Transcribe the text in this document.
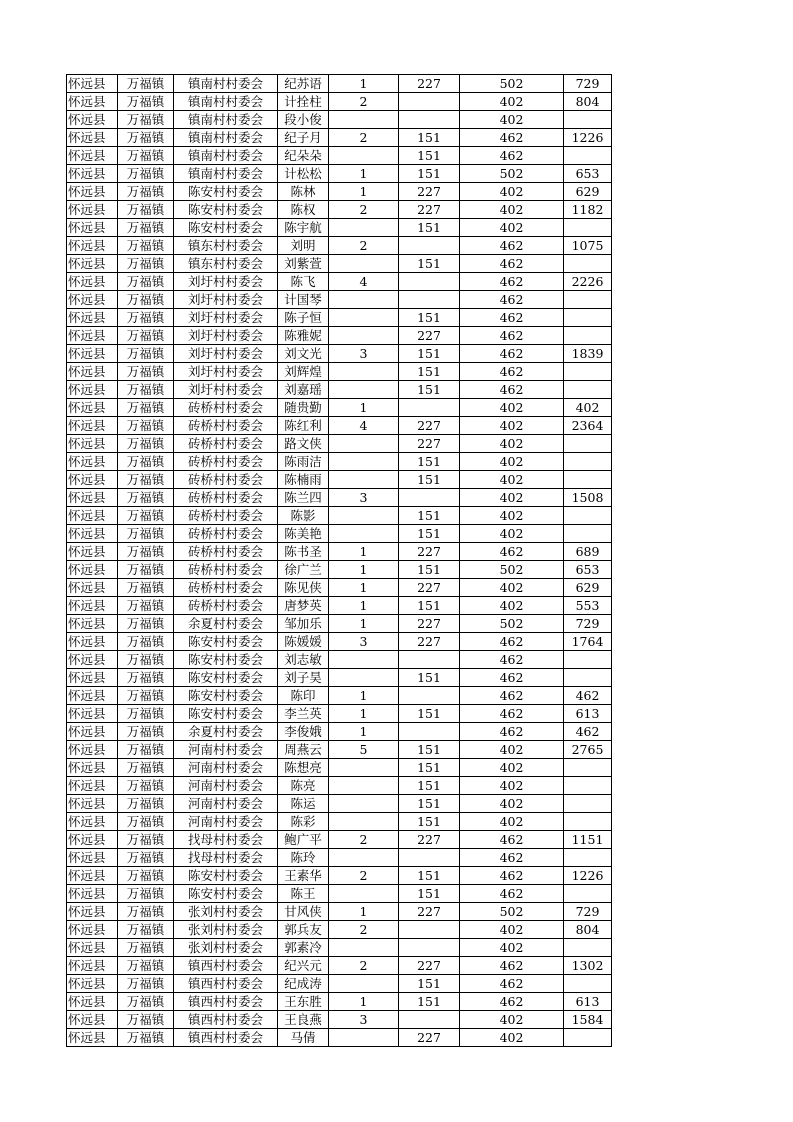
怀远县	万福镇	镇南村村委会	纪苏语	1	227	502	729
怀远县	万福镇	镇南村村委会	计拴柱	2		402	804
怀远县	万福镇	镇南村村委会	段小俊			402	
怀远县	万福镇	镇南村村委会	纪子月	2	151	462	1226
怀远县	万福镇	镇南村村委会	纪朵朵		151	462	
怀远县	万福镇	镇南村村委会	计松松	1	151	502	653
怀远县	万福镇	陈安村村委会	陈林	1	227	402	629
怀远县	万福镇	陈安村村委会	陈权	2	227	402	1182
怀远县	万福镇	陈安村村委会	陈宇航		151	402	
怀远县	万福镇	镇东村村委会	刘明	2		462	1075
怀远县	万福镇	镇东村村委会	刘紫萱		151	462	
怀远县	万福镇	刘圩村村委会	陈飞	4		462	2226
怀远县	万福镇	刘圩村村委会	计国琴			462	
怀远县	万福镇	刘圩村村委会	陈子恒		151	462	
怀远县	万福镇	刘圩村村委会	陈雅妮		227	462	
怀远县	万福镇	刘圩村村委会	刘文光	3	151	462	1839
怀远县	万福镇	刘圩村村委会	刘辉煌		151	462	
怀远县	万福镇	刘圩村村委会	刘嘉瑶		151	462	
怀远县	万福镇	砖桥村村委会	随贵勤	1		402	402
怀远县	万福镇	砖桥村村委会	陈红利	4	227	402	2364
怀远县	万福镇	砖桥村村委会	路文侠		227	402	
怀远县	万福镇	砖桥村村委会	陈雨洁		151	402	
怀远县	万福镇	砖桥村村委会	陈楠雨		151	402	
怀远县	万福镇	砖桥村村委会	陈兰四	3		402	1508
怀远县	万福镇	砖桥村村委会	陈影		151	402	
怀远县	万福镇	砖桥村村委会	陈美艳		151	402	
怀远县	万福镇	砖桥村村委会	陈书圣	1	227	462	689
怀远县	万福镇	砖桥村村委会	徐广兰	1	151	502	653
怀远县	万福镇	砖桥村村委会	陈见侠	1	227	402	629
怀远县	万福镇	砖桥村村委会	唐梦英	1	151	402	553
怀远县	万福镇	余夏村村委会	邹加乐	1	227	502	729
怀远县	万福镇	陈安村村委会	陈媛媛	3	227	462	1764
怀远县	万福镇	陈安村村委会	刘志敏			462	
怀远县	万福镇	陈安村村委会	刘子昊		151	462	
怀远县	万福镇	陈安村村委会	陈印	1		462	462
怀远县	万福镇	陈安村村委会	李兰英	1	151	462	613
怀远县	万福镇	余夏村村委会	李俊娥	1		462	462
怀远县	万福镇	河南村村委会	周燕云	5	151	402	2765
怀远县	万福镇	河南村村委会	陈想亮		151	402	
怀远县	万福镇	河南村村委会	陈亮		151	402	
怀远县	万福镇	河南村村委会	陈运		151	402	
怀远县	万福镇	河南村村委会	陈彩		151	402	
怀远县	万福镇	找母村村委会	鲍广平	2	227	462	1151
怀远县	万福镇	找母村村委会	陈玲			462	
怀远县	万福镇	陈安村村委会	王素华	2	151	462	1226
怀远县	万福镇	陈安村村委会	陈王		151	462	
怀远县	万福镇	张刘村村委会	甘风侠	1	227	502	729
怀远县	万福镇	张刘村村委会	郭兵友	2		402	804
怀远县	万福镇	张刘村村委会	郭素冷			402	
怀远县	万福镇	镇西村村委会	纪兴元	2	227	462	1302
怀远县	万福镇	镇西村村委会	纪成涛		151	462	
怀远县	万福镇	镇西村村委会	王东胜	1	151	462	613
怀远县	万福镇	镇西村村委会	王良燕	3		402	1584
怀远县	万福镇	镇西村村委会	马倩		227	402	
